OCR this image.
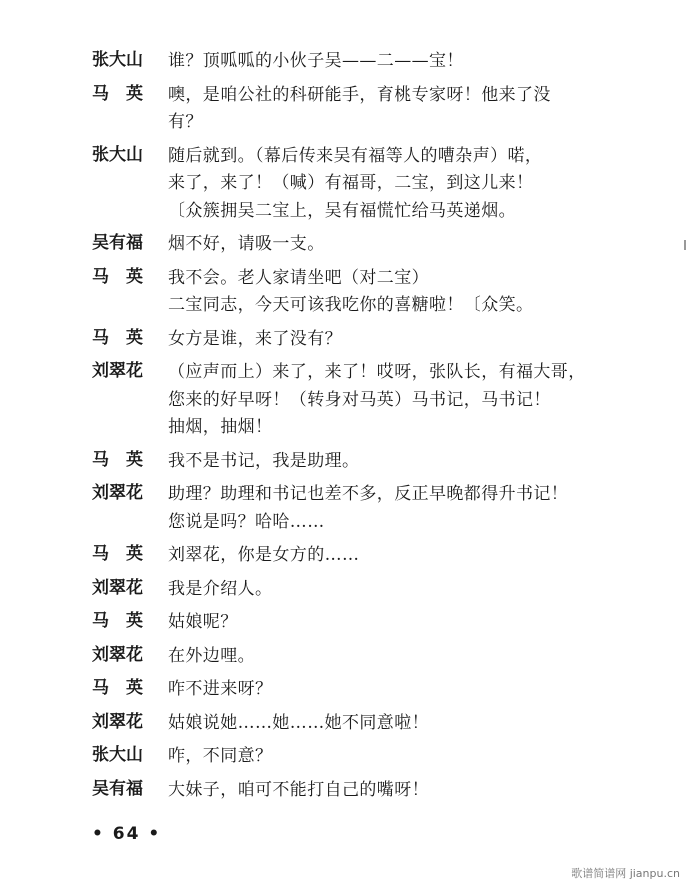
张大山	谁？顶呱呱的小伙子吴——二——宝！
马　英	噢，是咱公社的科研能手，育桃专家呀！他来了没
有？
张大山	随后就到。（幕后传来吴有福等人的嘈杂声）喏，
来了，来了！（喊）有福哥，二宝，到这儿来！
〔众簇拥吴二宝上，吴有福慌忙给马英递烟。
吴有福	烟不好，请吸一支。
马　英	我不会。老人家请坐吧（对二宝）
二宝同志，今天可该我吃你的喜糖啦！〔众笑。
马　英	女方是谁，来了没有？
刘翠花	（应声而上）来了，来了！哎呀，张队长，有福大哥，
您来的好早呀！（转身对马英）马书记，马书记！
抽烟，抽烟！
马　英	我不是书记，我是助理。
刘翠花	助理？助理和书记也差不多，反正早晚都得升书记！
您说是吗？哈哈……
马　英	刘翠花，你是女方的……
刘翠花	我是介绍人。
马　英	姑娘呢？
刘翠花	在外边哩。
马　英	咋不进来呀？
刘翠花	姑娘说她……她……她不同意啦！
张大山	咋，不同意？
吴有福	大妹子，咱可不能打自己的嘴呀！
• 64 •
歌谱简谱网 jianpu.cn
